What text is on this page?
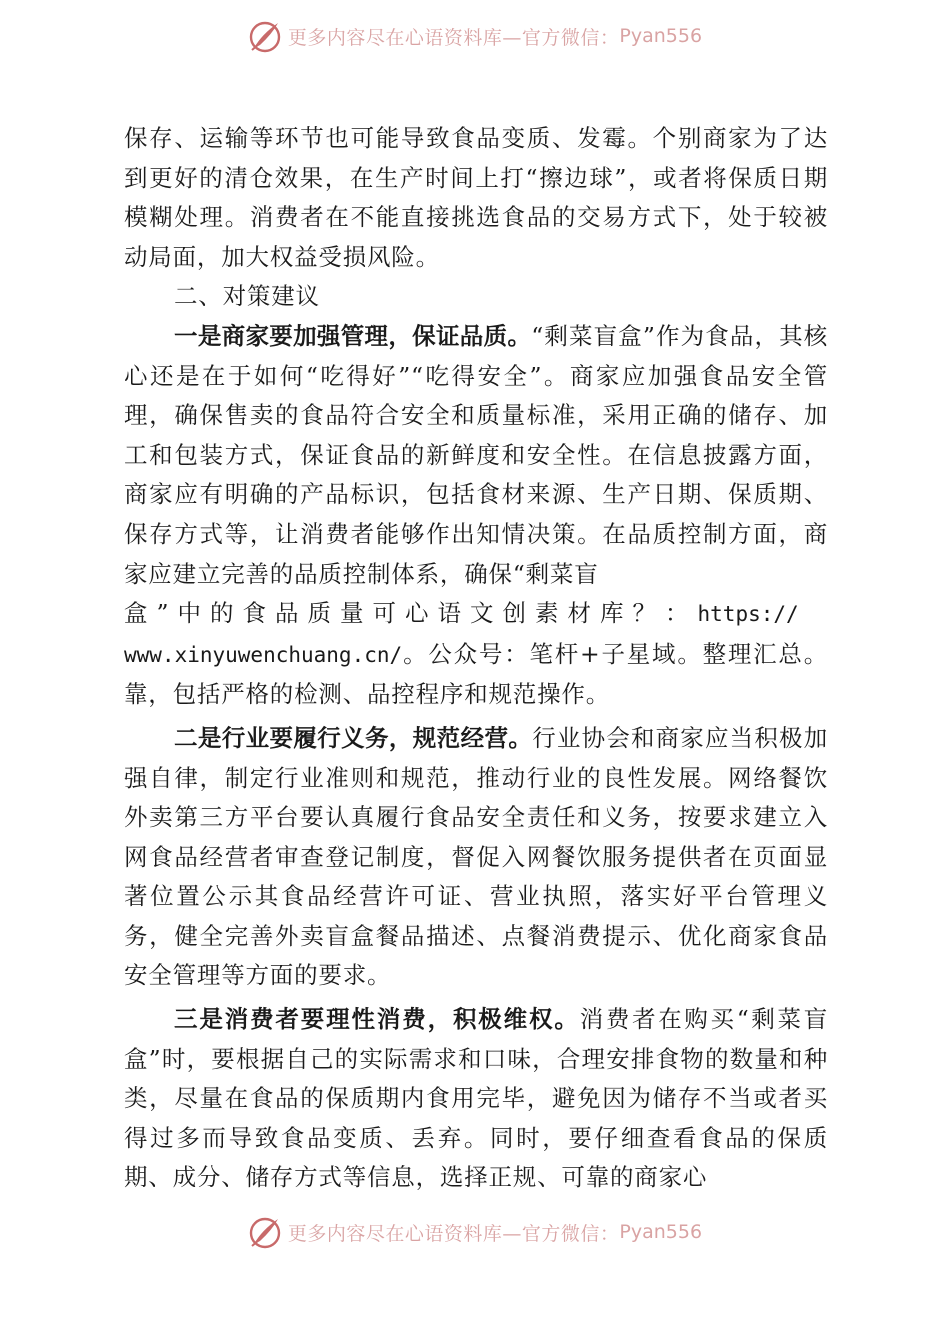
更多内容尽在心语资料库—官方微信： Pyan556

保存、运输等环节也可能导致食品变质、发霉。个别商家为了达到更好的清仓效果，在生产时间上打“擦边球”，或者将保质日期模糊处理。消费者在不能直接挑选食品的交易方式下，处于较被动局面，加大权益受损风险。

二、对策建议

一是商家要加强管理，保证品质。“剩菜盲盒”作为食品，其核心还是在于如何“吃得好”“吃得安全”。商家应加强食品安全管理，确保售卖的食品符合安全和质量标准，采用正确的储存、加工和包装方式，保证食品的新鲜度和安全性。在信息披露方面，商家应有明确的产品标识，包括食材来源、生产日期、保质期、保存方式等，让消费者能够作出知情决策。在品质控制方面，商家应建立完善的品质控制体系，确保“剩菜盲
盒”中的食品质量可心语文创素材库？：https://
www.xinyuwenchuang.cn/。公众号：笔杆+子星域。整理汇总。靠，包括严格的检测、品控程序和规范操作。

二是行业要履行义务，规范经营。行业协会和商家应当积极加强自律，制定行业准则和规范，推动行业的良性发展。网络餐饮外卖第三方平台要认真履行食品安全责任和义务，按要求建立入网食品经营者审查登记制度，督促入网餐饮服务提供者在页面显著位置公示其食品经营许可证、营业执照，落实好平台管理义务，健全完善外卖盲盒餐品描述、点餐消费提示、优化商家食品安全管理等方面的要求。

三是消费者要理性消费，积极维权。消费者在购买“剩菜盲盒”时，要根据自己的实际需求和口味，合理安排食物的数量和种类，尽量在食品的保质期内食用完毕，避免因为储存不当或者买得过多而导致食品变质、丢弃。同时，要仔细查看食品的保质期、成分、储存方式等信息，选择正规、可靠的商家心

更多内容尽在心语资料库—官方微信： Pyan556
